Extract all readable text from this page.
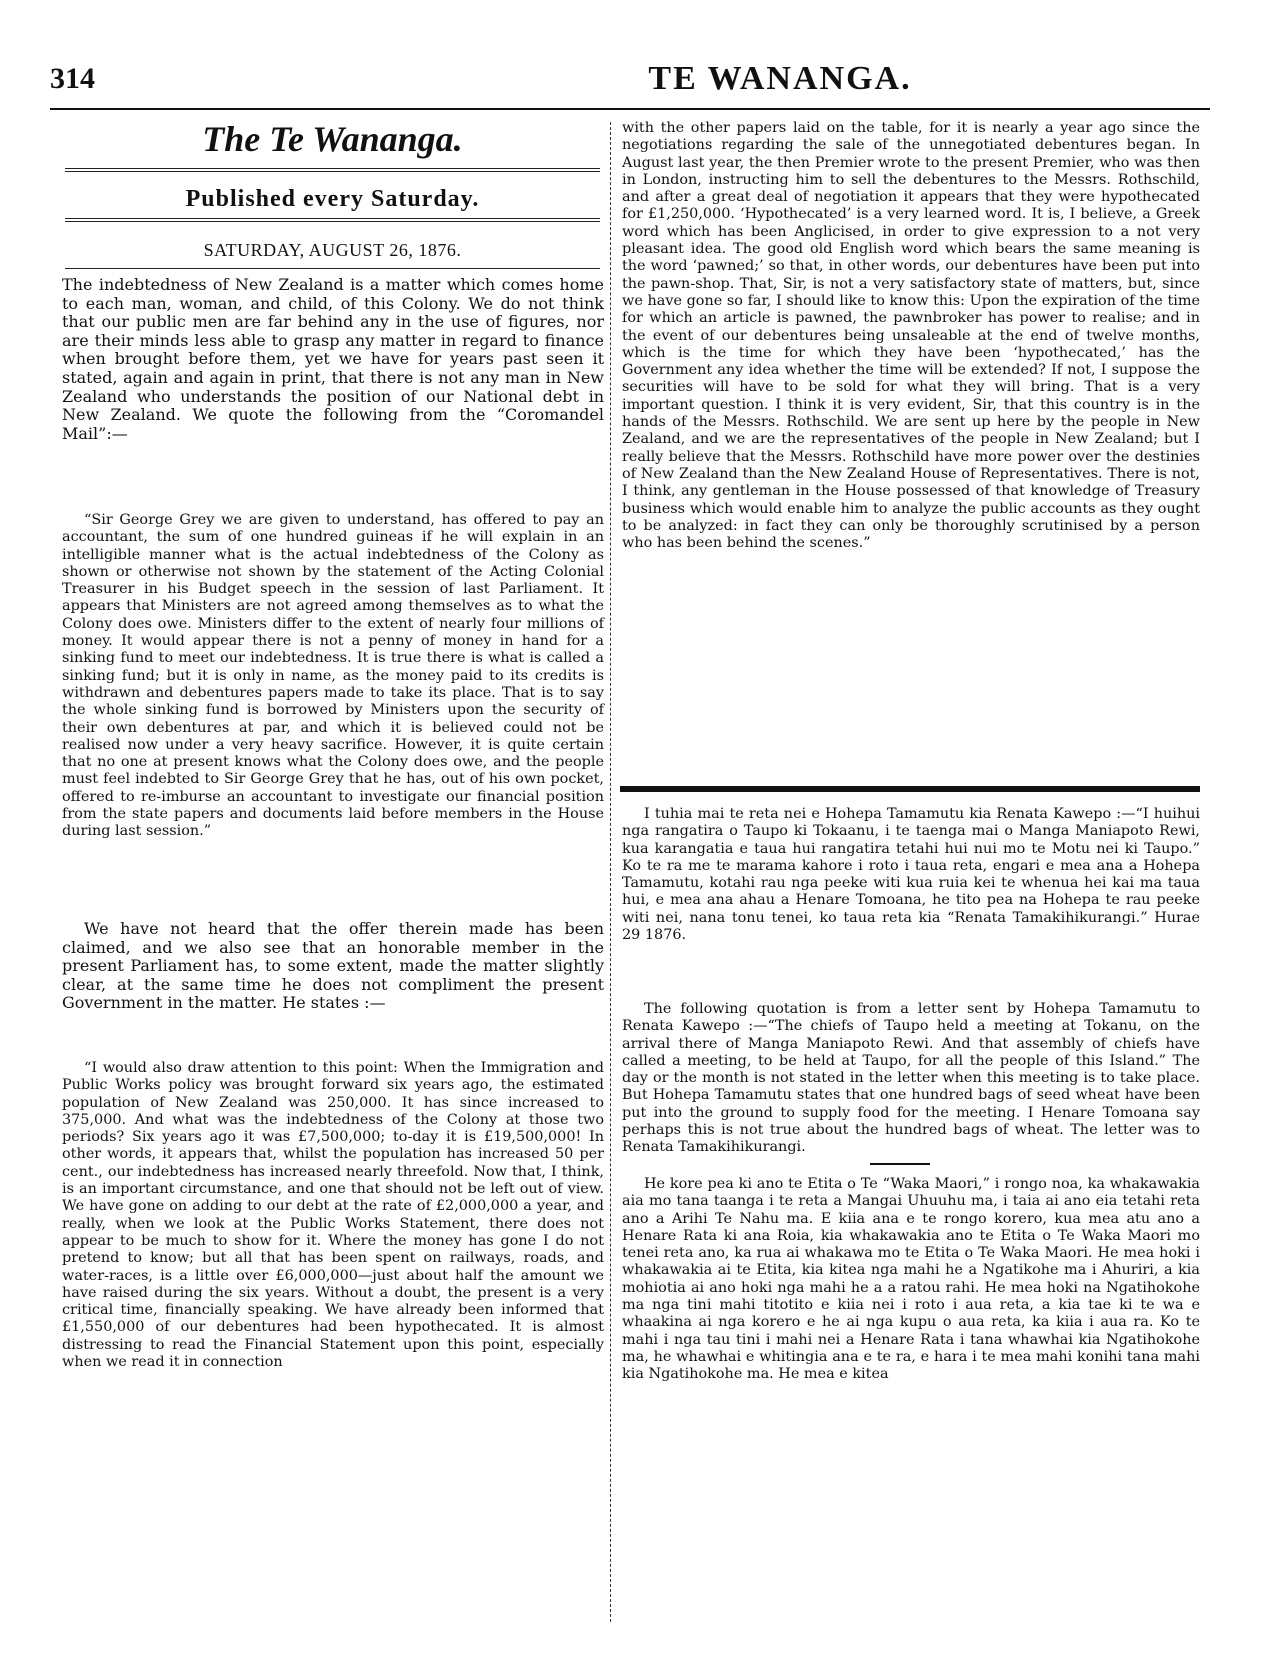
314	TE WANANGA.
The Te Wananga.
Published every Saturday.
SATURDAY, AUGUST 26, 1876.

The indebtedness of New Zealand is a matter which comes home to each man, woman, and child, of this Colony. We do not think that our public men are far behind any in the use of figures, nor are their minds less able to grasp any matter in regard to finance when brought before them, yet we have for years past seen it stated, again and again in print, that there is not any man in New Zealand who understands the position of our National debt in New Zealand. We quote the following from the “Coromandel Mail”:—

“Sir George Grey we are given to understand, has offered to pay an accountant, the sum of one hundred guineas if he will explain in an intelligible manner what is the actual indebtedness of the Colony as shown or otherwise not shown by the statement of the Acting Colonial Treasurer in his Budget speech in the session of last Parliament. It appears that Ministers are not agreed among themselves as to what the Colony does owe. Ministers differ to the extent of nearly four millions of money. It would appear there is not a penny of money in hand for a sinking fund to meet our indebtedness. It is true there is what is called a sinking fund; but it is only in name, as the money paid to its credits is withdrawn and debentures papers made to take its place. That is to say the whole sinking fund is borrowed by Ministers upon the security of their own debentures at par, and which it is believed could not be realised now under a very heavy sacrifice. However, it is quite certain that no one at present knows what the Colony does owe, and the people must feel indebted to Sir George Grey that he has, out of his own pocket, offered to re-imburse an accountant to investigate our financial position from the state papers and documents laid before members in the House during last session.”

We have not heard that the offer therein made has been claimed, and we also see that an honorable member in the present Parliament has, to some extent, made the matter slightly clear, at the same time he does not compliment the present Government in the matter. He states :—

“I would also draw attention to this point: When the Immigration and Public Works policy was brought forward six years ago, the estimated population of New Zealand was 250,000. It has since increased to 375,000. And what was the indebtedness of the Colony at those two periods? Six years ago it was £7,500,000; to-day it is £19,500,000! In other words, it appears that, whilst the population has increased 50 per cent., our indebtedness has increased nearly threefold. Now that, I think, is an important circumstance, and one that should not be left out of view. We have gone on adding to our debt at the rate of £2,000,000 a year, and really, when we look at the Public Works Statement, there does not appear to be much to show for it. Where the money has gone I do not pretend to know; but all that has been spent on railways, roads, and water-races, is a little over £6,000,000—just about half the amount we have raised during the six years. Without a doubt, the present is a very critical time, financially speaking. We have already been informed that £1,550,000 of our debentures had been hypothecated. It is almost distressing to read the Financial Statement upon this point, especially when we read it in connection

with the other papers laid on the table, for it is nearly a year ago since the negotiations regarding the sale of the unnegotiated debentures began. In August last year, the then Premier wrote to the present Premier, who was then in London, instructing him to sell the debentures to the Messrs. Rothschild, and after a great deal of negotiation it appears that they were hypothecated for £1,250,000. ‘Hypothecated’ is a very learned word. It is, I believe, a Greek word which has been Anglicised, in order to give expression to a not very pleasant idea. The good old English word which bears the same meaning is the word ‘pawned;’ so that, in other words, our debentures have been put into the pawn-shop. That, Sir, is not a very satisfactory state of matters, but, since we have gone so far, I should like to know this: Upon the expiration of the time for which an article is pawned, the pawnbroker has power to realise; and in the event of our debentures being unsaleable at the end of twelve months, which is the time for which they have been ‘hypothecated,’ has the Government any idea whether the time will be extended? If not, I suppose the securities will have to be sold for what they will bring. That is a very important question. I think it is very evident, Sir, that this country is in the hands of the Messrs. Rothschild. We are sent up here by the people in New Zealand, and we are the representatives of the people in New Zealand; but I really believe that the Messrs. Rothschild have more power over the destinies of New Zealand than the New Zealand House of Representatives. There is not, I think, any gentleman in the House possessed of that knowledge of Treasury business which would enable him to analyze the public accounts as they ought to be analyzed: in fact they can only be thoroughly scrutinised by a person who has been behind the scenes.”

I tuhia mai te reta nei e Hohepa Tamamutu kia Renata Kawepo :—“I huihui nga rangatira o Taupo ki Tokaanu, i te taenga mai o Manga Maniapoto Rewi, kua karangatia e taua hui rangatira tetahi hui nui mo te Motu nei ki Taupo.” Ko te ra me te marama kahore i roto i taua reta, engari e mea ana a Hohepa Tamamutu, kotahi rau nga peeke witi kua ruia kei te whenua hei kai ma taua hui, e mea ana ahau a Henare Tomoana, he tito pea na Hohepa te rau peeke witi nei, nana tonu tenei, ko taua reta kia “Renata Tamakihikurangi.” Hurae 29 1876.

The following quotation is from a letter sent by Hohepa Tamamutu to Renata Kawepo :—“The chiefs of Taupo held a meeting at Tokanu, on the arrival there of Manga Maniapoto Rewi. And that assembly of chiefs have called a meeting, to be held at Taupo, for all the people of this Island.” The day or the month is not stated in the letter when this meeting is to take place. But Hohepa Tamamutu states that one hundred bags of seed wheat have been put into the ground to supply food for the meeting. I Henare Tomoana say perhaps this is not true about the hundred bags of wheat. The letter was to Renata Tamakihikurangi.

He kore pea ki ano te Etita o Te “Waka Maori,” i rongo noa, ka whakawakia aia mo tana taanga i te reta a Mangai Uhuuhu ma, i taia ai ano eia tetahi reta ano a Arihi Te Nahu ma. E kiia ana e te rongo korero, kua mea atu ano a Henare Rata ki ana Roia, kia whakawakia ano te Etita o Te Waka Maori mo tenei reta ano, ka rua ai whakawa mo te Etita o Te Waka Maori. He mea hoki i whakawakia ai te Etita, kia kitea nga mahi he a Ngatikohe ma i Ahuriri, a kia mohiotia ai ano hoki nga mahi he a a ratou rahi. He mea hoki na Ngatihokohe ma nga tini mahi titotito e kiia nei i roto i aua reta, a kia tae ki te wa e whaakina ai nga korero e he ai nga kupu o aua reta, ka kiia i aua ra. Ko te mahi i nga tau tini i mahi nei a Henare Rata i tana whawhai kia Ngatihokohe ma, he whawhai e whitingia ana e te ra, e hara i te mea mahi konihi tana mahi kia Ngatihokohe ma. He mea e kitea
